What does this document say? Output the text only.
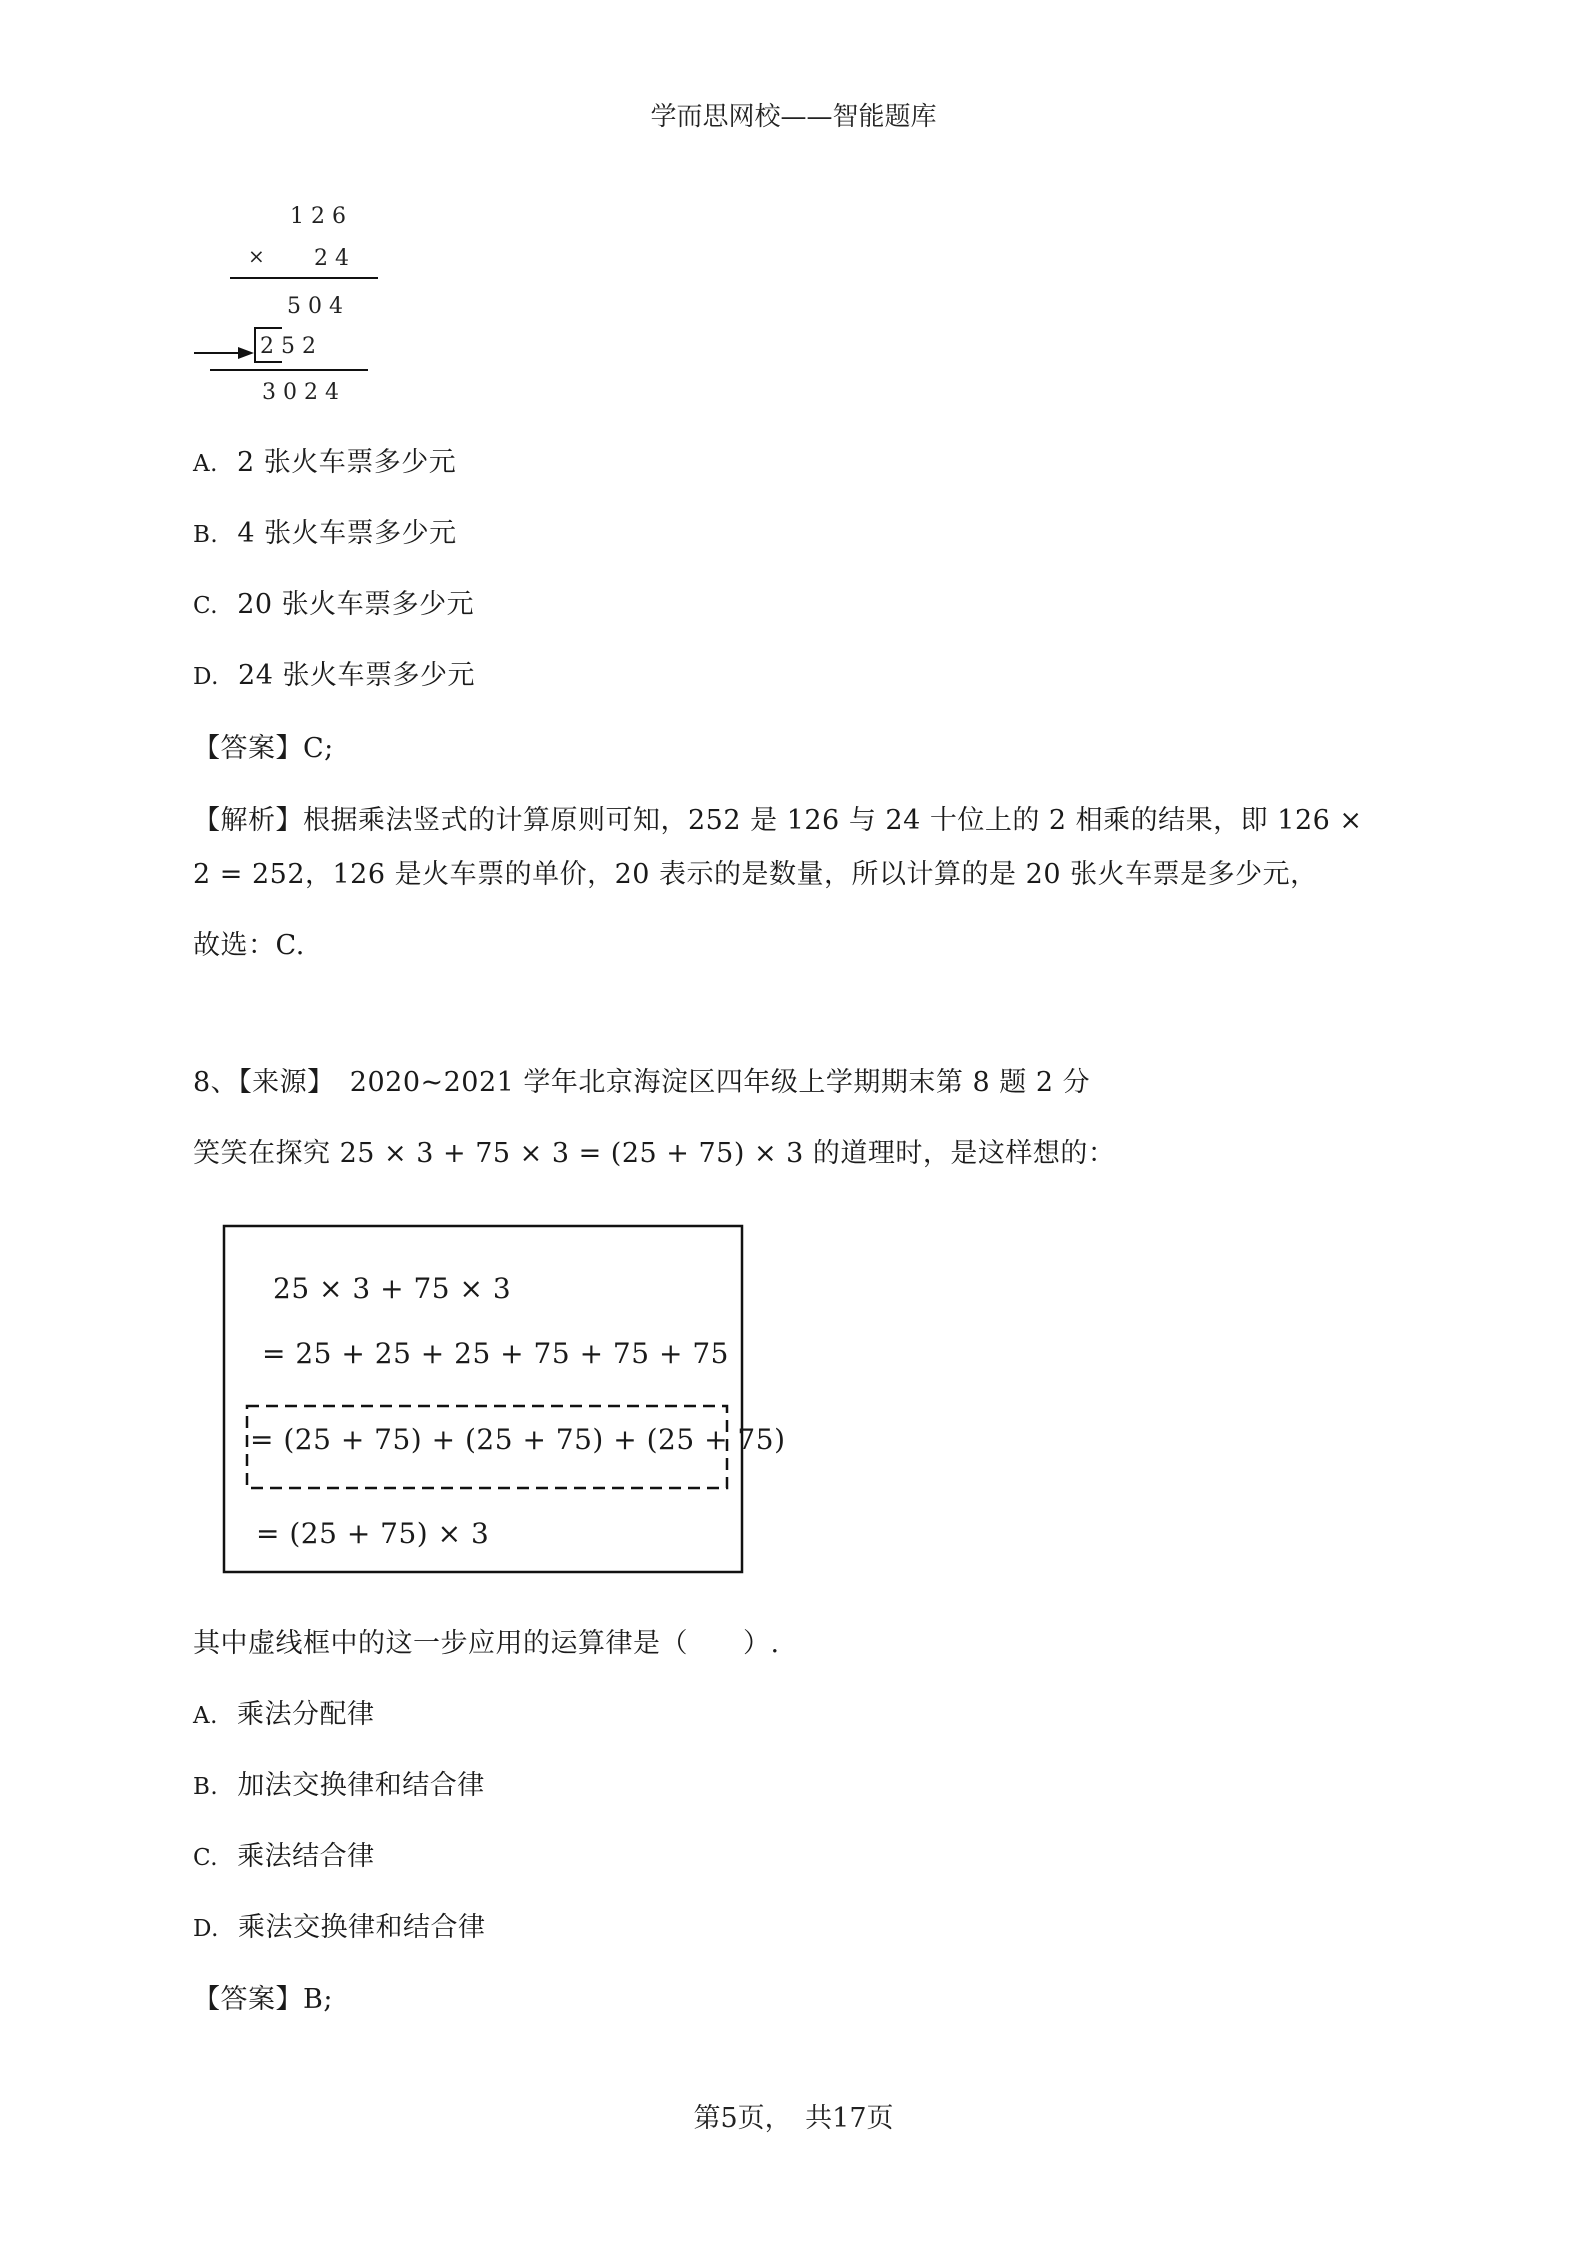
学而思网校——智能题库
126
× 24
504
252
3024
A. 2 张火车票多少元
B. 4 张火车票多少元
C. 20 张火车票多少元
D. 24 张火车票多少元
【答案】C;
【解析】根据乘法竖式的计算原则可知，252 是 126 与 24 十位上的 2 相乘的结果，即 126 ×
2 = 252，126 是火车票的单价，20 表示的是数量，所以计算的是 20 张火车票是多少元，
故选：C.
8、【来源】 2020~2021 学年北京海淀区四年级上学期期末第 8 题 2 分
笑笑在探究 25 × 3 + 75 × 3 = (25 + 75) × 3 的道理时，是这样想的：
25 × 3 + 75 × 3
= 25 + 25 + 25 + 75 + 75 + 75
= (25 + 75) + (25 + 75) + (25 + 75)
= (25 + 75) × 3
其中虚线框中的这一步应用的运算律是（　　）.
A. 乘法分配律
B. 加法交换律和结合律
C. 乘法结合律
D. 乘法交换律和结合律
【答案】B;
第5页，　共17页
